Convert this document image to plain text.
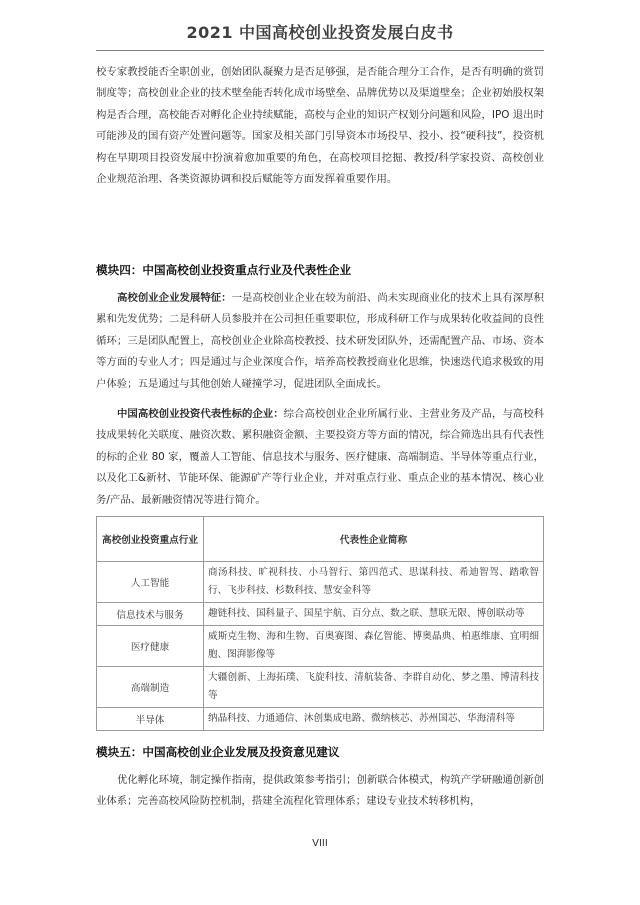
2021 中国高校创业投资发展白皮书

校专家教授能否全职创业，创始团队凝聚力是否足够强，是否能合理分工合作，是否有明确的赏罚制度等；高校创业企业的技术壁垒能否转化成市场壁垒、品牌优势以及渠道壁垒；企业初始股权架构是否合理，高校能否对孵化企业持续赋能，高校与企业的知识产权划分问题和风险，IPO 退出时可能涉及的国有资产处置问题等。国家及相关部门引导资本市场投早、投小、投“硬科技”，投资机构在早期项目投资发展中扮演着愈加重要的角色，在高校项目挖掘、教授/科学家投资、高校创业企业规范治理、各类资源协调和投后赋能等方面发挥着重要作用。

模块四：中国高校创业投资重点行业及代表性企业

高校创业企业发展特征：一是高校创业企业在较为前沿、尚未实现商业化的技术上具有深厚积累和先发优势；二是科研人员参股并在公司担任重要职位，形成科研工作与成果转化收益间的良性循环；三是团队配置上，高校创业企业除高校教授、技术研发团队外，还需配置产品、市场、资本等方面的专业人才；四是通过与企业深度合作，培养高校教授商业化思维，快速迭代追求极致的用户体验；五是通过与其他创始人碰撞学习，促进团队全面成长。

中国高校创业投资代表性标的企业：综合高校创业企业所属行业、主营业务及产品，与高校科技成果转化关联度、融资次数、累积融资金额、主要投资方等方面的情况，综合筛选出具有代表性的标的企业 80 家，覆盖人工智能、信息技术与服务、医疗健康、高端制造、半导体等重点行业，以及化工&新材、节能环保、能源矿产等行业企业，并对重点行业、重点企业的基本情况、核心业务/产品、最新融资情况等进行简介。

高校创业投资重点行业	代表性企业简称
人工智能	商汤科技、旷视科技、小马智行、第四范式、思谋科技、希迪智驾、踏歌智行、飞步科技、杉数科技、慧安金科等
信息技术与服务	趣链科技、国科量子、国星宇航、百分点、数之联、慧联无限、博创联动等
医疗健康	威斯克生物、海和生物、百奥赛图、森亿智能、博奥晶典、柏惠维康、宜明细胞、图湃影像等
高端制造	大疆创新、上海拓璞、飞旋科技、清航装备、李群自动化、梦之墨、博清科技等
半导体	纳晶科技、力通通信、沐创集成电路、微纳核芯、苏州国芯、华海清科等

模块五：中国高校创业企业发展及投资意见建议

优化孵化环境，制定操作指南，提供政策参考指引；创新联合体模式，构筑产学研融通创新创业体系；完善高校风险防控机制，搭建全流程化管理体系；建设专业技术转移机构，

VIII
